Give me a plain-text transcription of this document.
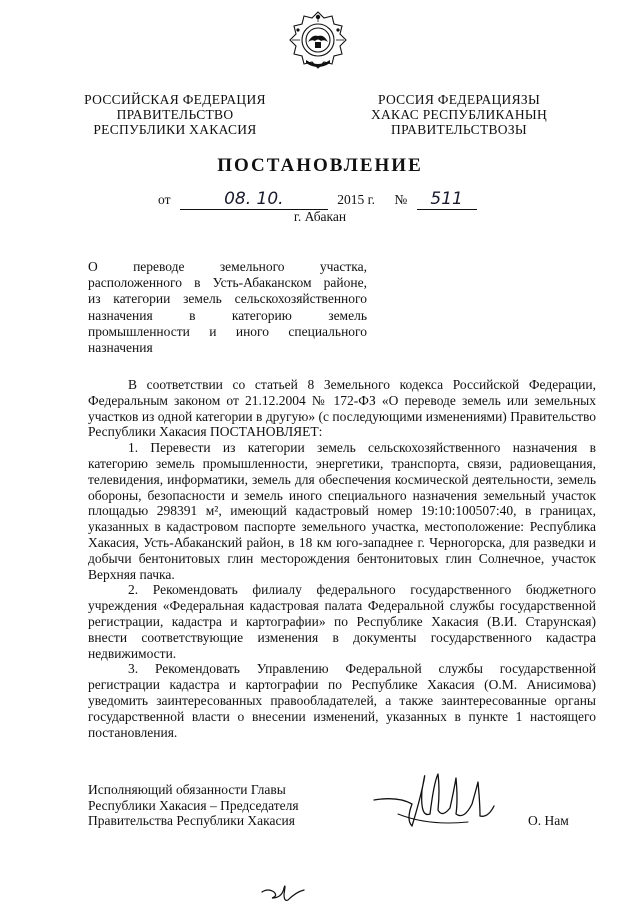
РОССИЙСКАЯ ФЕДЕРАЦИЯ
ПРАВИТЕЛЬСТВО
РЕСПУБЛИКИ ХАКАСИЯ
РОССИЯ ФЕДЕРАЦИЯЗЫ
ХАКАС РЕСПУБЛИКАНЫҢ
ПРАВИТЕЛЬСТВОЗЫ
ПОСТАНОВЛЕНИЕ
от	08. 10.	2015 г. № 511
г. Абакан
О переводе земельного участка,
расположенного в Усть-Абаканском районе,
из категории земель сельскохозяйственного
назначения в категорию земель
промышленности и иного специального
назначения

В соответствии со статьей 8 Земельного кодекса Российской Федерации, Федеральным законом от 21.12.2004 № 172-ФЗ «О переводе земель или земельных участков из одной категории в другую» (с последующими изменениями) Правительство Республики Хакасия ПОСТАНОВЛЯЕТ:

1. Перевести из категории земель сельскохозяйственного назначения в категорию земель промышленности, энергетики, транспорта, связи, радиовещания, телевидения, информатики, земель для обеспечения космической деятельности, земель обороны, безопасности и земель иного специального назначения земельный участок площадью 298391 м², имеющий кадастровый номер 19:10:100507:40, в границах, указанных в кадастровом паспорте земельного участка, местоположение: Республика Хакасия, Усть-Абаканский район, в 18 км юго-западнее г. Черногорска, для разведки и добычи бентонитовых глин месторождения бентонитовых глин Солнечное, участок Верхняя пачка.

2. Рекомендовать филиалу федерального государственного бюджетного учреждения «Федеральная кадастровая палата Федеральной службы государственной регистрации, кадастра и картографии» по Республике Хакасия (В.И. Старунская) внести соответствующие изменения в документы государственного кадастра недвижимости.

3. Рекомендовать Управлению Федеральной службы государственной регистрации кадастра и картографии по Республике Хакасия (О.М. Анисимова) уведомить заинтересованных правообладателей, а также заинтересованные органы государственной власти о внесении изменений, указанных в пункте 1 настоящего постановления.

Исполняющий обязанности Главы
Республики Хакасия – Председателя
Правительства Республики Хакасия	О. Нам
